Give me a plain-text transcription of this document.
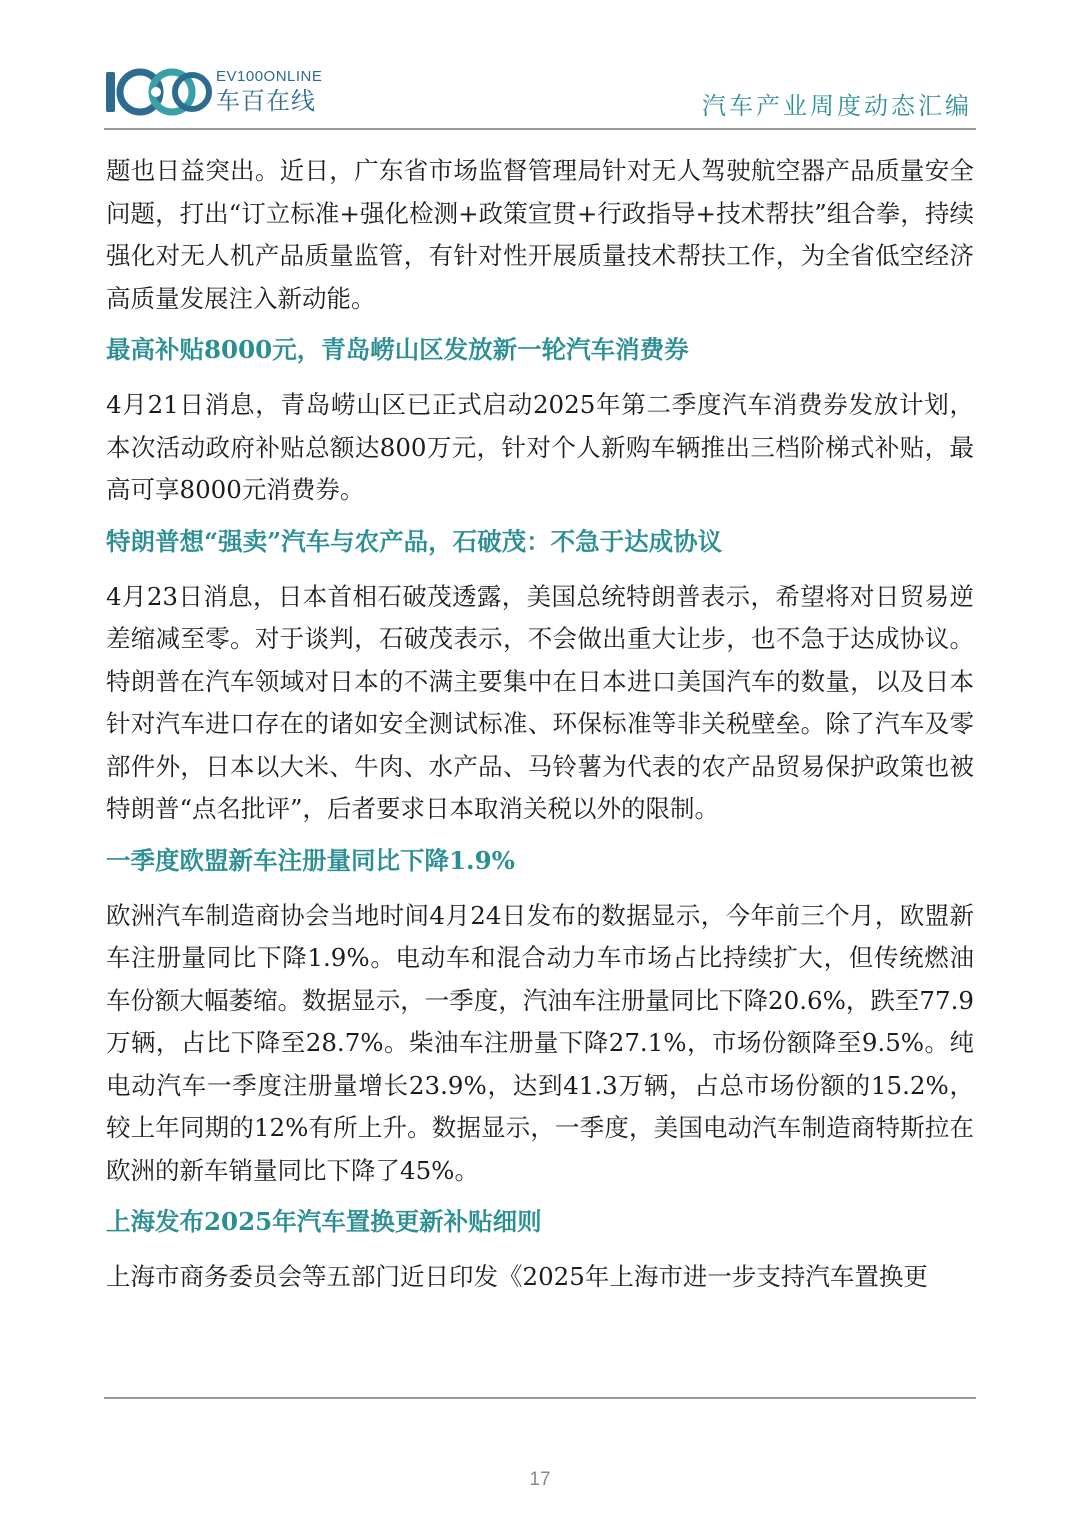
EV100ONLINE
车百在线	汽车产业周度动态汇编

题也日益突出。近日，广东省市场监督管理局针对无人驾驶航空器产品质量安全问题，打出“订立标准+强化检测+政策宣贯+行政指导+技术帮扶”组合拳，持续强化对无人机产品质量监管，有针对性开展质量技术帮扶工作，为全省低空经济高质量发展注入新动能。

最高补贴8000元，青岛崂山区发放新一轮汽车消费券

4月21日消息，青岛崂山区已正式启动2025年第二季度汽车消费券发放计划，本次活动政府补贴总额达800万元，针对个人新购车辆推出三档阶梯式补贴，最高可享8000元消费券。

特朗普想“强卖”汽车与农产品，石破茂：不急于达成协议

4月23日消息，日本首相石破茂透露，美国总统特朗普表示，希望将对日贸易逆差缩减至零。对于谈判，石破茂表示，不会做出重大让步，也不急于达成协议。特朗普在汽车领域对日本的不满主要集中在日本进口美国汽车的数量，以及日本针对汽车进口存在的诸如安全测试标准、环保标准等非关税壁垒。除了汽车及零部件外，日本以大米、牛肉、水产品、马铃薯为代表的农产品贸易保护政策也被特朗普“点名批评”，后者要求日本取消关税以外的限制。

一季度欧盟新车注册量同比下降1.9%

欧洲汽车制造商协会当地时间4月24日发布的数据显示，今年前三个月，欧盟新车注册量同比下降1.9%。电动车和混合动力车市场占比持续扩大，但传统燃油车份额大幅萎缩。数据显示，一季度，汽油车注册量同比下降20.6%，跌至77.9万辆，占比下降至28.7%。柴油车注册量下降27.1%，市场份额降至9.5%。纯电动汽车一季度注册量增长23.9%，达到41.3万辆，占总市场份额的15.2%，较上年同期的12%有所上升。数据显示，一季度，美国电动汽车制造商特斯拉在欧洲的新车销量同比下降了45%。

上海发布2025年汽车置换更新补贴细则

上海市商务委员会等五部门近日印发《2025年上海市进一步支持汽车置换更

17
